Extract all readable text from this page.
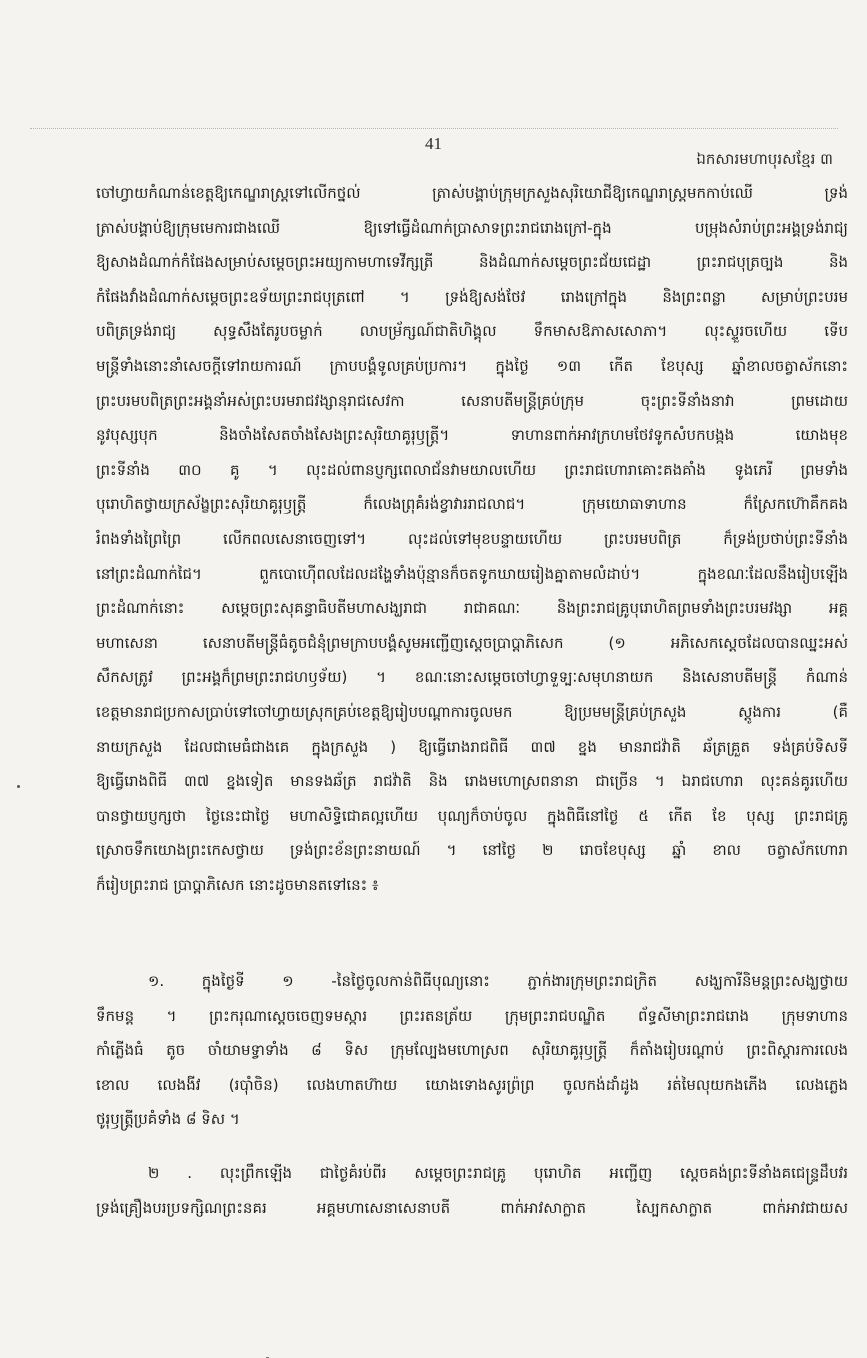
41
ឯកសារមហាបុរសខ្មែរ ៣
ចៅហ្វាយកំណាន់ខេត្តឱ្យកេណ្ឌរាស្ត្រទៅលើកថ្នល់ ត្រាស់បង្គាប់ក្រុមក្រសួងសុរិយោជីឱ្យកេណ្ឌរាស្ត្រមកកាប់ឈើ ទ្រង់
ត្រាស់បង្គាប់ឱ្យក្រុមមេការជាងឈើ ឱ្យទៅធ្វើដំណាក់ប្រាសាទព្រះរាជរោងក្រៅ-ក្នុង បម្រុងសំរាប់ព្រះអង្គទ្រង់រាជ្យ
ឱ្យសាងដំណាក់កំផែងសម្រាប់សម្តេចព្រះអយ្យកាមហាទេវីក្សត្រី និងដំណាក់សម្តេចព្រះជ័យជេដ្ឋា ព្រះរាជបុត្រច្បង និង
កំផែងវាំងដំណាក់សម្តេចព្រះឧទ័យព្រះរាជបុត្រពៅ ។ ទ្រង់ឱ្យសង់ថែវ រោងក្រៅក្នុង និងព្រះពន្លា សម្រាប់ព្រះបរម
បពិត្រទ្រង់រាជ្យ សុទ្ធសឹងតែរូបចម្លាក់ លាបម្រ័ក្សណ៍ជាតិហិង្គុល ទឹកមាសឱភាសសោភា។ លុះស្ទួរចហើយ ទើប
មន្ត្រីទាំងនោះនាំសេចក្តីទៅរាយការណ៍ ក្រាបបង្គំទូលគ្រប់ប្រការ។ ក្នុងថ្ងៃ ១៣ កើត ខែបុស្ស ឆ្នាំខាលចត្វាស័កនោះ
ព្រះបរមបពិត្រព្រះអង្គនាំអស់ព្រះបរមរាជវង្សានុរាជសេវកា សេនាបតីមន្ត្រីគ្រប់ក្រុម ចុះព្រះទីនាំងនាវា ព្រមដោយ
នូវបុស្សបុក និងចាំងសែតចាំងសែងព្រះសុរិយាគូរុឫត្រ្តី។ ទាហានពាក់អាវក្រហមថែវទូកសំបកបង្កង យោងមុខ
ព្រះទីនាំង ៣០ គូ ។ លុះដល់ពានប្ញក្សពេលាជ័នវាមយាលហើយ ព្រះរាជហោរាគោះគងគាំង ទូងភេរី ព្រមទាំង
បុរោហិតថ្វាយក្រស័ង្ខព្រះសុរិយាគូរុឫត្រ្តី ក៏លេងព្រុគំរង់ខ្វាវាររាជលាជ។ ក្រុមយោធាទាហាន ក៏ស្រែកហ៊ោគឹកគង
រំពងទាំងព្រៃព្រៃ លើកពលសេនាចេញទៅ។ លុះដល់ទៅមុខបន្ទាយហើយ ព្រះបរមបពិត្រ ក៏ទ្រង់ប្រថាប់ព្រះទីនាំង
នៅព្រះដំណាក់ជៃ។ ពួកបោហ៊ើពលដែលដង្ហែទាំងប៉ុន្មានក៏ចតទូកឃាយរៀងគ្នាតាមលំដាប់។ ក្នុងខណៈដែលនឹងរៀបឡើង
ព្រះដំណាក់នោះ សម្តេចព្រះសុគន្ធាធិបតីមហាសង្ឃរាជា រាជាគណៈ និងព្រះរាជគ្រូបុរោហិតព្រមទាំងព្រះបរមវង្សា អគ្គ
មហាសេនា សេនាបតីមន្ត្រីធំតូចជំនុំព្រមក្រាបបង្គំសូមអញ្ជើញស្តេចប្រាប្តាភិសេក (១ អភិសេកស្តេចដែលបានឈ្នះអស់
សឹកសត្រូវ ព្រះអង្គក៏ព្រមព្រះរាជហឫទ័យ) ។ ខណៈនោះសម្តេចចៅហ្វាទួទ្បៈសមុហនាយក និងសេនាបតីមន្ត្រី កំណាន់
ខេត្តមានរាជប្រកាសប្រាប់ទៅចៅហ្វាយស្រុកគ្រប់ខេត្តឱ្យរៀបបណ្តាការចូលមក ឱ្យប្រមមន្ត្រីគ្រប់ក្រសួង ស្តូងការ (គឺ
នាយក្រសួង ដែលជាមេធំជាងគេ ក្នុងក្រសួង ) ឱ្យធ្វើរោងរាជពិធី ៣៧ ខ្នង មានរាជវ៉ាតិ ឆ័ត្រគ្រួត ទង់គ្រប់ទិសទី
ឱ្យធ្វើរោងពិធី ៣៧ ខ្នងទៀត មានទងឆ័ត្រ រាជវ៉ាតិ និង រោងមហោស្រពនានា ជាច្រើន ។ ឯរាជហោរា លុះគន់គូរហើយ
បានថ្វាយប្ញក្សថា ថ្ងៃនេះជាថ្ងៃ មហាសិទ្ធិជោគល្អហើយ បុណ្យក៏ចាប់ចូល ក្នុងពិធីនៅថ្ងៃ ៥ កើត ខែ បុស្ស ព្រះរាជគ្រូ
ស្រោចទឹកយោងព្រះកេសថ្វាយ ទ្រង់ព្រះខ័នព្រះនាយណ៍ ។ នៅថ្ងៃ ២ រោចខែបុស្ស ឆ្នាំ ខាល ចត្វាស័កហោរា
ក៏រៀបព្រះរាជ ប្រាប្តាភិសេក នោះដូចមានតទៅនេះ ៖
១. ក្នុងថ្ងៃទី ១ -នៃថ្ងៃចូលកាន់ពិធីបុណ្យនោះ ភ្ជាក់ងារក្រុមព្រះរាជក្រិត សង្ឃការីនិមន្តព្រះសង្ឃថ្វាយ
ទឹកមន្ត ។ ព្រះករុណាស្តេចចេញទមស្ការ ព្រះរតនត្រ័យ ក្រុមព្រះរាជបណ្ឌិត ព័ទ្ធសីមាព្រះរាជរោង ក្រុមទាហាន
កាំភ្លើងធំ តូច ចាំយាមទ្វាទាំង ៨ ទិស ក្រុមល្បែងមហោស្រព សុរិយាគូរុឫត្រ្តី ក៏តាំងរៀបរណ្តាប់ ព្រះពិស្តារការលេង
ខោល លេងងីវ (រប៉ាំចិន) លេងហាតហ៊ាយ យោងទោងសូរព្រ៉ព្រ ចូលកង់ដាំដូង រត់មៃលុយកងភើង លេងភ្លេង
ថូរុឫត្រ្តីប្រគំទាំង ៨ ទិស ។
២ . លុះព្រឹកឡើង ជាថ្ងៃគំរប់ពីរ សម្តេចព្រះរាជគ្រូ បុរោហិត អញ្ជើញ ស្តេចគង់ព្រះទីនាំងគជេន្ទ្រដឹបវរ
ទ្រង់គ្រឿងបរប្រទក្សិណព្រះនគរ អគ្គមហាសេនាសេនាបតី ពាក់អាវសាក្លាត ស្បៃកសាក្លាត ពាក់អាវជាយស
